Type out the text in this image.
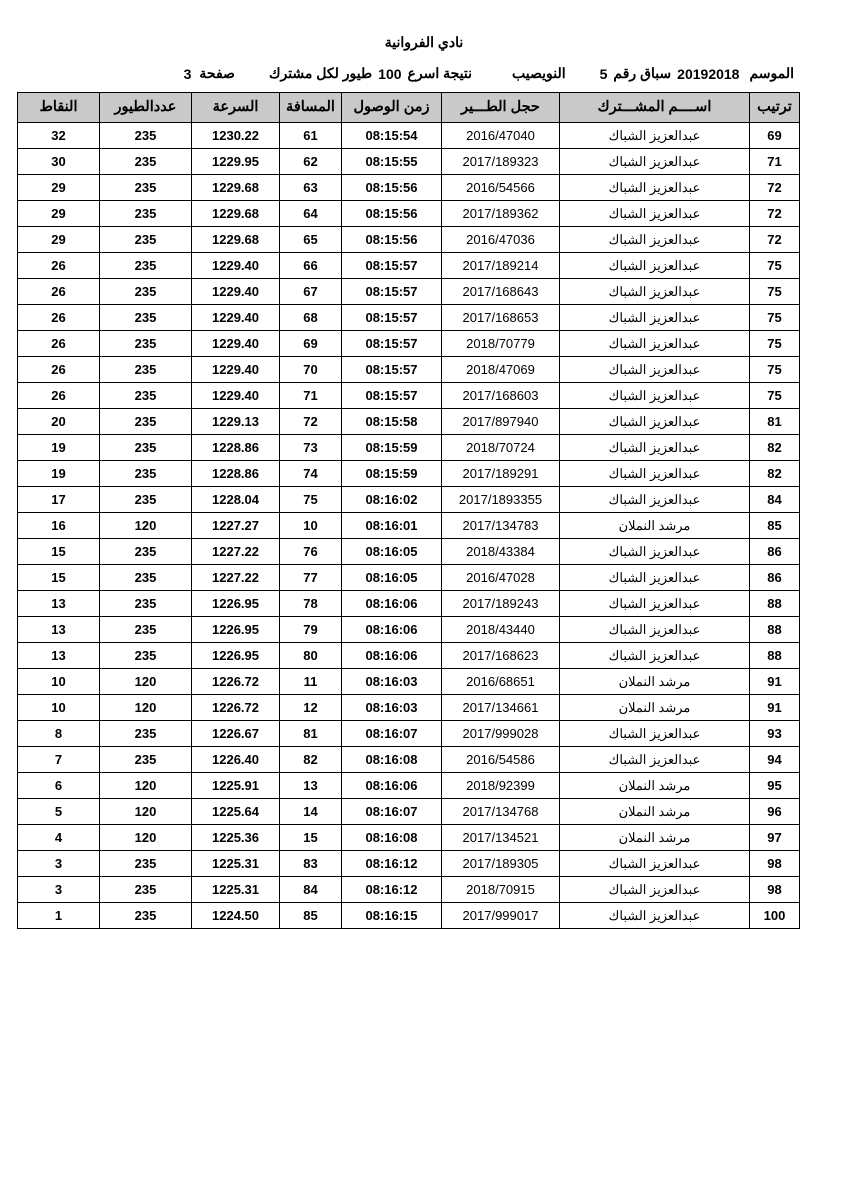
نادي الفروانية
الموسم
20192018
سباق رقم
5
النويصيب
نتيجة اسرع
100
طيور لكل مشترك
صفحة
3
ترتيب	اســــم المشـــترك	حجل الطـــير	زمن الوصول	المسافة	السرعة	عددالطيور	النقاط
69	عبدالعزيز الشباك	2016/47040	08:15:54	61	1230.22	235	32
71	عبدالعزيز الشباك	2017/189323	08:15:55	62	1229.95	235	30
72	عبدالعزيز الشباك	2016/54566	08:15:56	63	1229.68	235	29
72	عبدالعزيز الشباك	2017/189362	08:15:56	64	1229.68	235	29
72	عبدالعزيز الشباك	2016/47036	08:15:56	65	1229.68	235	29
75	عبدالعزيز الشباك	2017/189214	08:15:57	66	1229.40	235	26
75	عبدالعزيز الشباك	2017/168643	08:15:57	67	1229.40	235	26
75	عبدالعزيز الشباك	2017/168653	08:15:57	68	1229.40	235	26
75	عبدالعزيز الشباك	2018/70779	08:15:57	69	1229.40	235	26
75	عبدالعزيز الشباك	2018/47069	08:15:57	70	1229.40	235	26
75	عبدالعزيز الشباك	2017/168603	08:15:57	71	1229.40	235	26
81	عبدالعزيز الشباك	2017/897940	08:15:58	72	1229.13	235	20
82	عبدالعزيز الشباك	2018/70724	08:15:59	73	1228.86	235	19
82	عبدالعزيز الشباك	2017/189291	08:15:59	74	1228.86	235	19
84	عبدالعزيز الشباك	2017/1893355	08:16:02	75	1228.04	235	17
85	مرشد النملان	2017/134783	08:16:01	10	1227.27	120	16
86	عبدالعزيز الشباك	2018/43384	08:16:05	76	1227.22	235	15
86	عبدالعزيز الشباك	2016/47028	08:16:05	77	1227.22	235	15
88	عبدالعزيز الشباك	2017/189243	08:16:06	78	1226.95	235	13
88	عبدالعزيز الشباك	2018/43440	08:16:06	79	1226.95	235	13
88	عبدالعزيز الشباك	2017/168623	08:16:06	80	1226.95	235	13
91	مرشد النملان	2016/68651	08:16:03	11	1226.72	120	10
91	مرشد النملان	2017/134661	08:16:03	12	1226.72	120	10
93	عبدالعزيز الشباك	2017/999028	08:16:07	81	1226.67	235	8
94	عبدالعزيز الشباك	2016/54586	08:16:08	82	1226.40	235	7
95	مرشد النملان	2018/92399	08:16:06	13	1225.91	120	6
96	مرشد النملان	2017/134768	08:16:07	14	1225.64	120	5
97	مرشد النملان	2017/134521	08:16:08	15	1225.36	120	4
98	عبدالعزيز الشباك	2017/189305	08:16:12	83	1225.31	235	3
98	عبدالعزيز الشباك	2018/70915	08:16:12	84	1225.31	235	3
100	عبدالعزيز الشباك	2017/999017	08:16:15	85	1224.50	235	1
